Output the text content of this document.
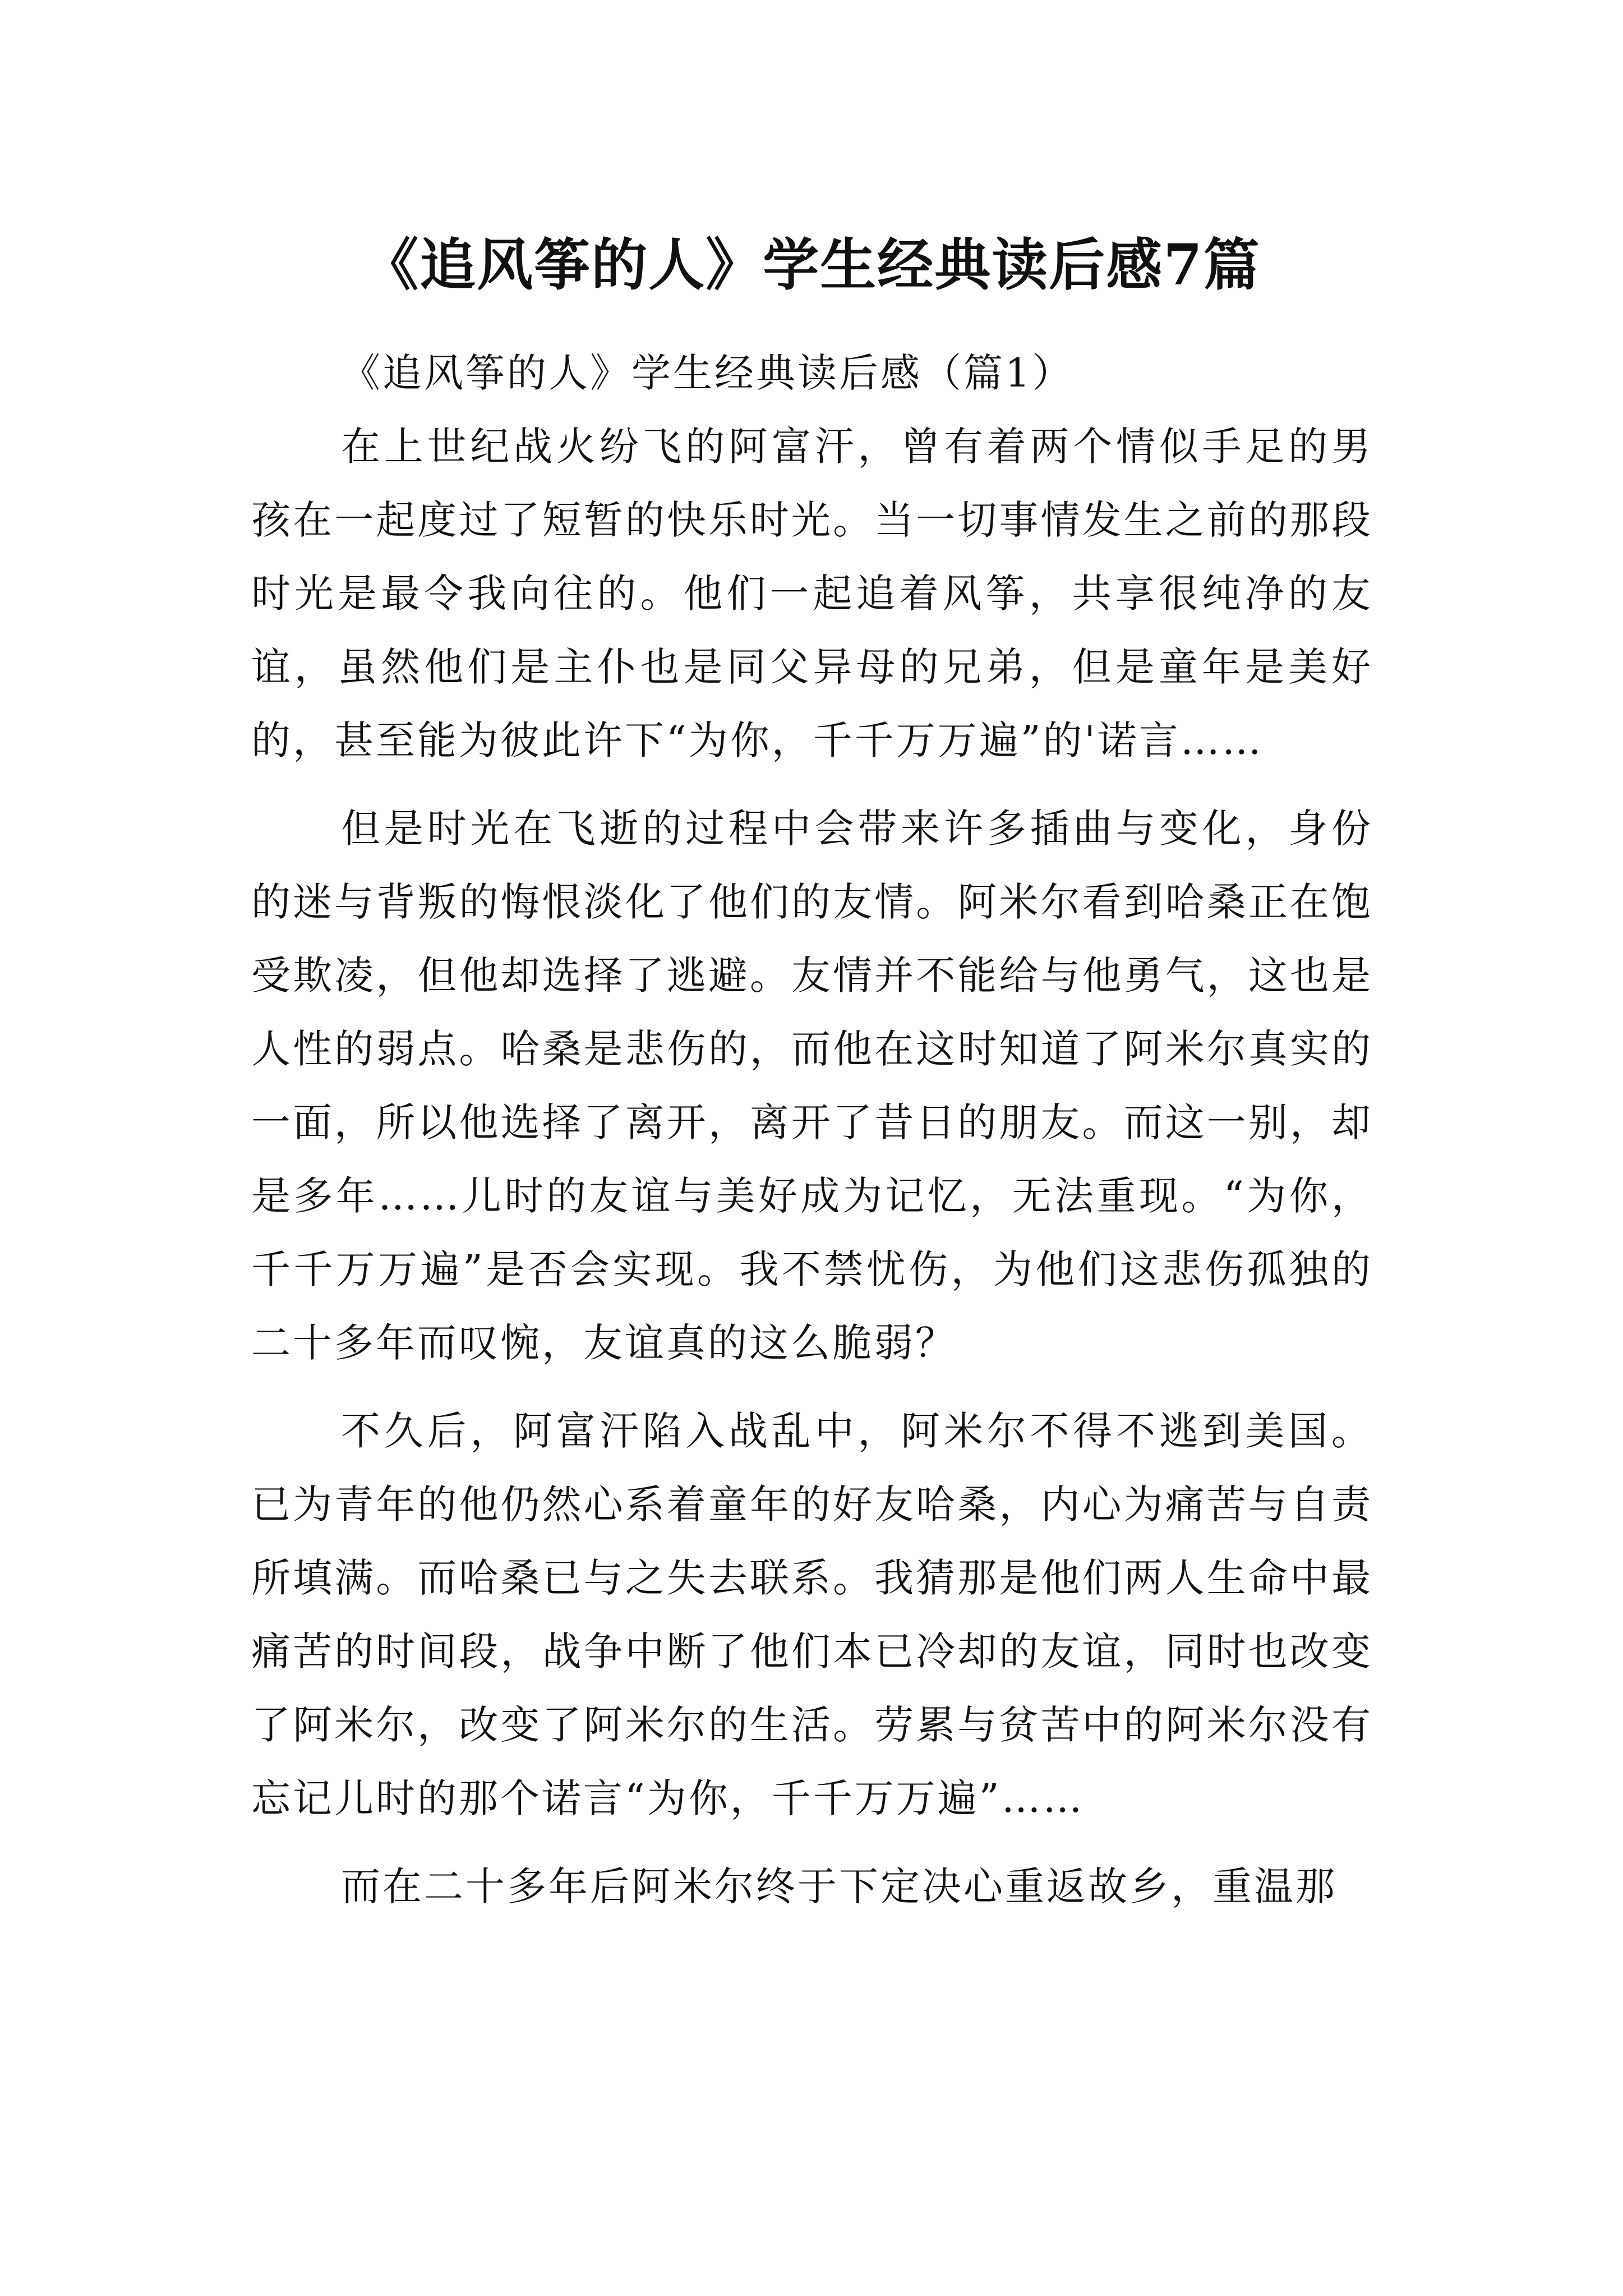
《追风筝的人》学生经典读后感7篇

《追风筝的人》学生经典读后感（篇1）

在上世纪战火纷飞的阿富汗，曾有着两个情似手足的男孩在一起度过了短暂的快乐时光。当一切事情发生之前的那段时光是最令我向往的。他们一起追着风筝，共享很纯净的友谊，虽然他们是主仆也是同父异母的兄弟，但是童年是美好的，甚至能为彼此许下“为你，千千万万遍”的'诺言……

但是时光在飞逝的过程中会带来许多插曲与变化，身份的迷与背叛的悔恨淡化了他们的友情。阿米尔看到哈桑正在饱受欺凌，但他却选择了逃避。友情并不能给与他勇气，这也是人性的弱点。哈桑是悲伤的，而他在这时知道了阿米尔真实的一面，所以他选择了离开，离开了昔日的朋友。而这一别，却是多年……儿时的友谊与美好成为记忆，无法重现。“为你，千千万万遍”是否会实现。我不禁忧伤，为他们这悲伤孤独的二十多年而叹惋，友谊真的这么脆弱？

不久后，阿富汗陷入战乱中，阿米尔不得不逃到美国。已为青年的他仍然心系着童年的好友哈桑，内心为痛苦与自责所填满。而哈桑已与之失去联系。我猜那是他们两人生命中最痛苦的时间段，战争中断了他们本已冷却的友谊，同时也改变了阿米尔，改变了阿米尔的生活。劳累与贫苦中的阿米尔没有忘记儿时的那个诺言“为你，千千万万遍”……

而在二十多年后阿米尔终于下定决心重返故乡，重温那
